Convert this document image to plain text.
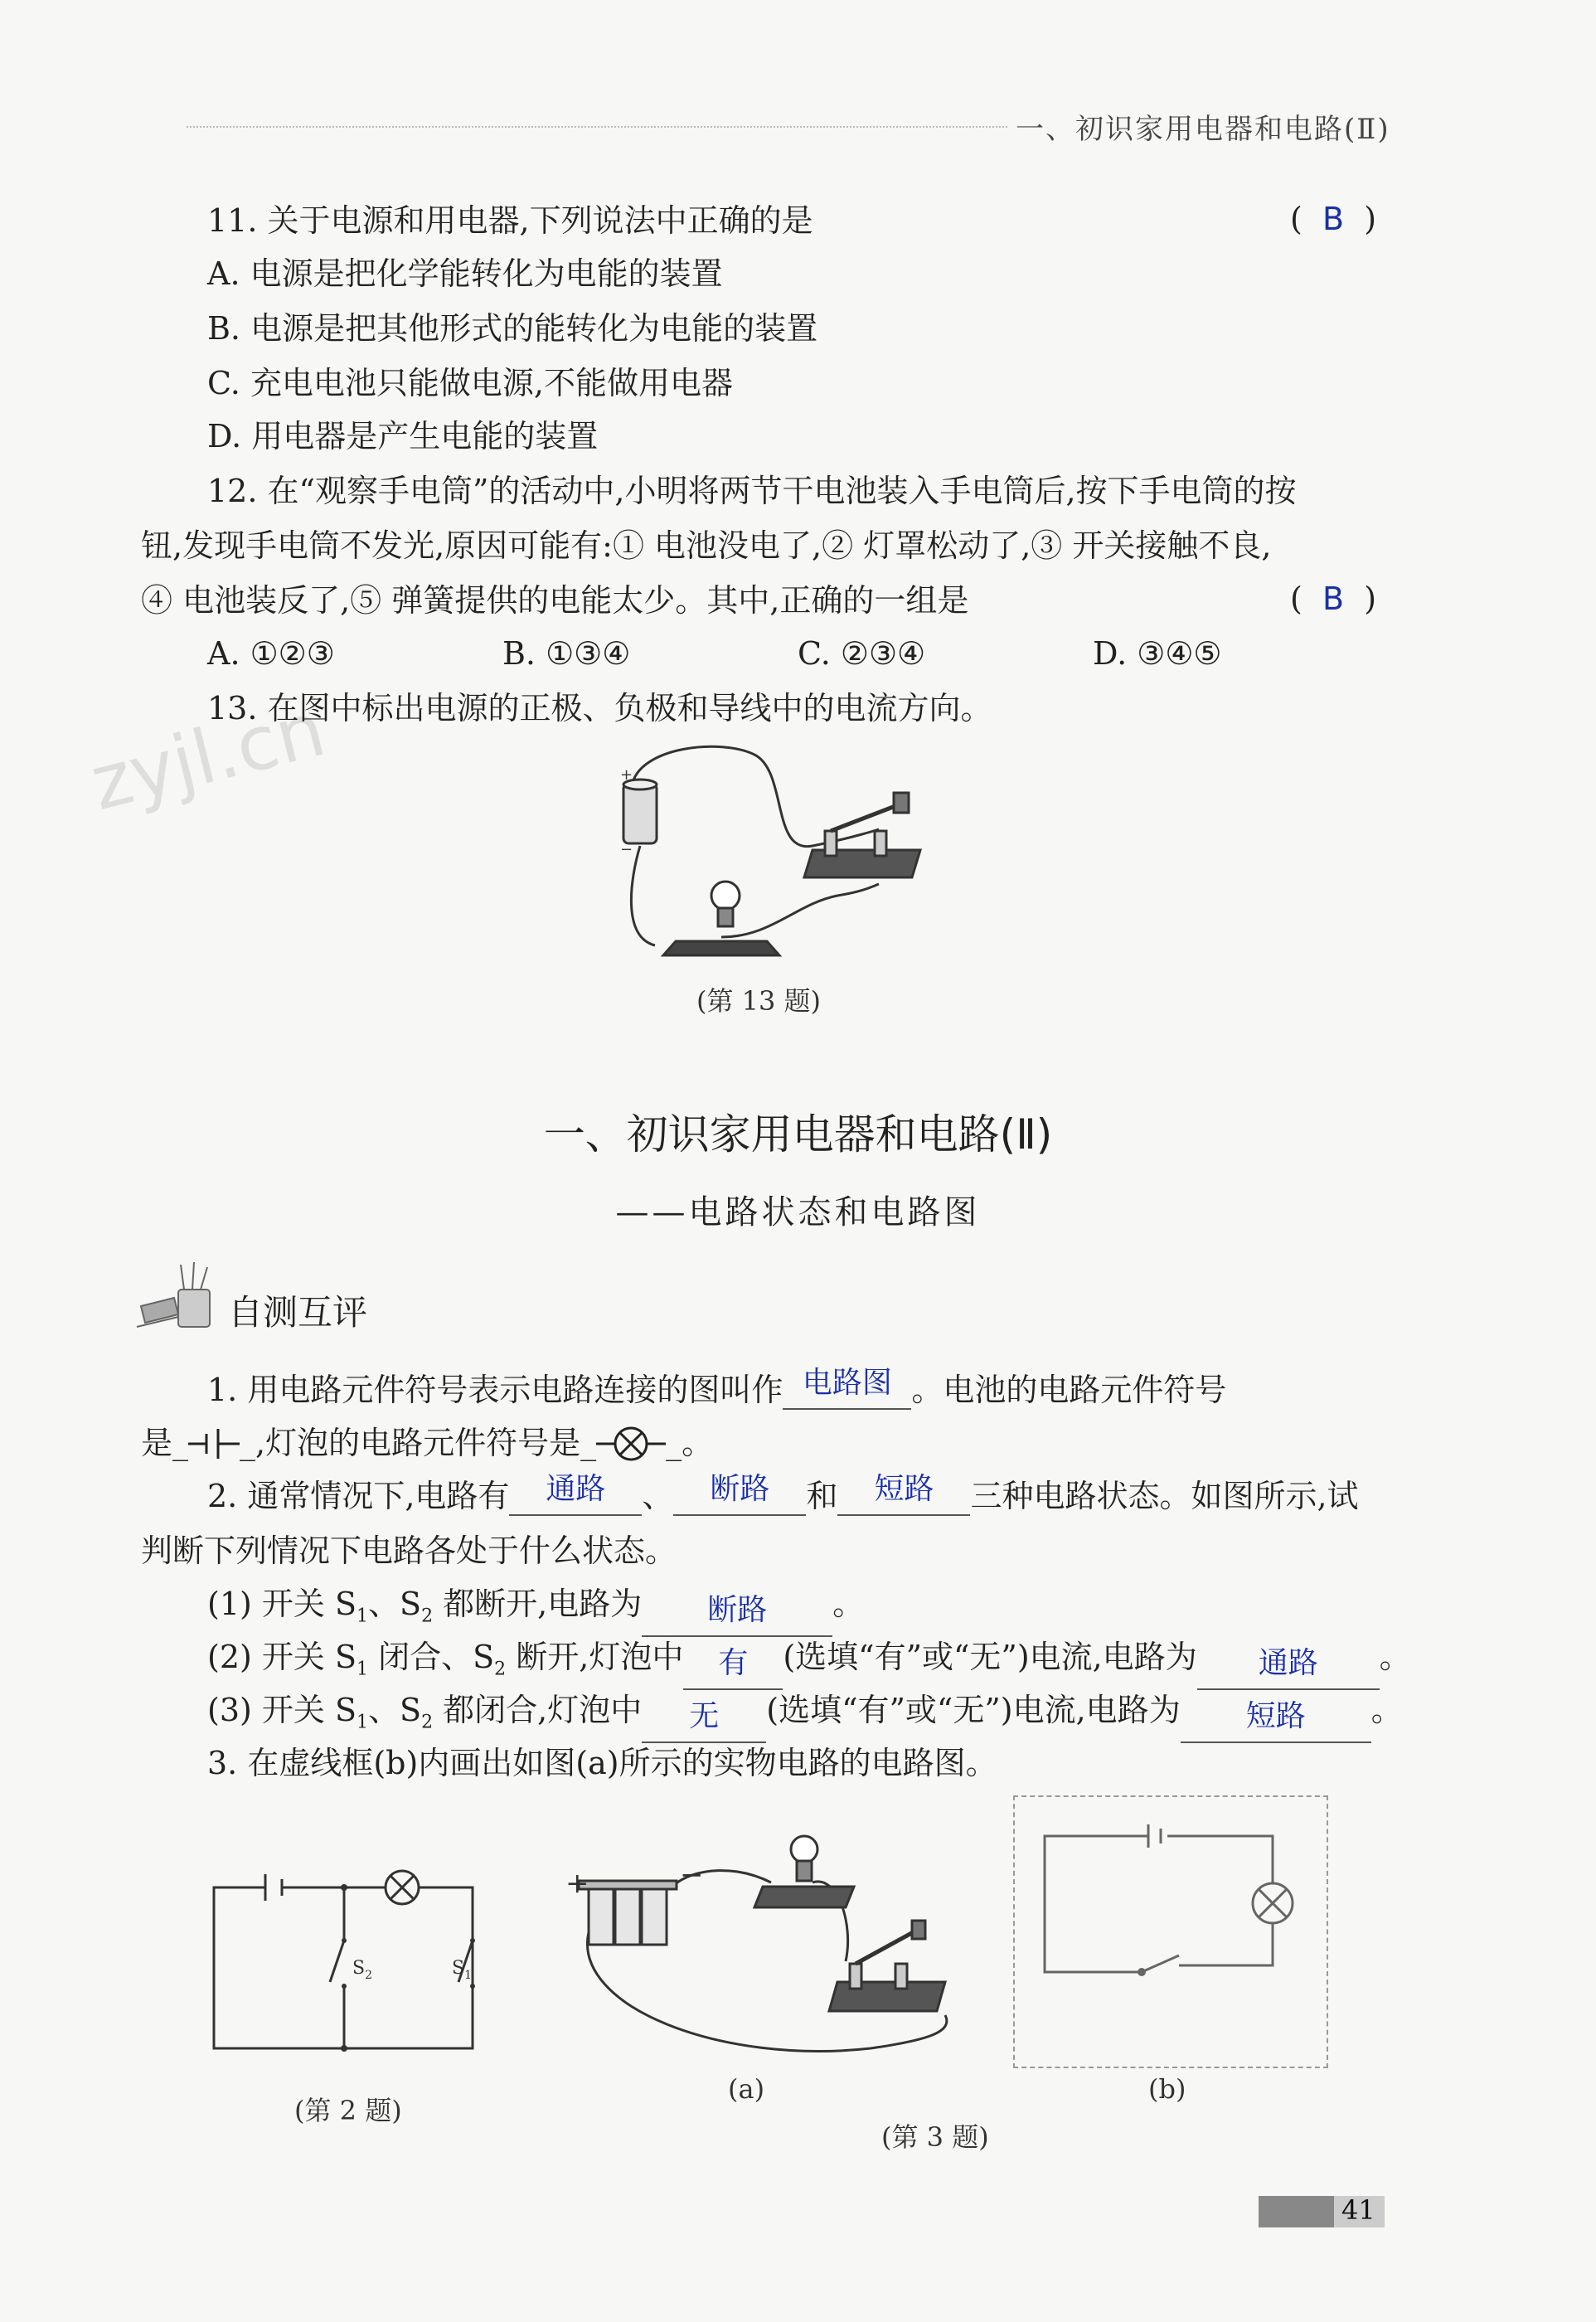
一、初识家用电器和电路(Ⅱ)
zyjl.cn
11. 关于电源和用电器,下列说法中正确的是	(  B  )
A. 电源是把化学能转化为电能的装置
B. 电源是把其他形式的能转化为电能的装置
C. 充电电池只能做电源,不能做用电器
D. 用电器是产生电能的装置
12. 在“观察手电筒”的活动中,小明将两节干电池装入手电筒后,按下手电筒的按
钮,发现手电筒不发光,原因可能有:① 电池没电了,② 灯罩松动了,③ 开关接触不良,
④ 电池装反了,⑤ 弹簧提供的电能太少。其中,正确的一组是	(  B  )
A. ①②③	B. ①③④	C. ②③④	D. ③④⑤
13. 在图中标出电源的正极、负极和导线中的电流方向。
+
−
(第 13 题)
一、初识家用电器和电路(Ⅱ)
——电路状态和电路图
自测互评
1. 用电路元件符号表示电路连接的图叫作 电路图 。电池的电路元件符号
是_ _,灯泡的电路元件符号是_ _。
2. 通常情况下,电路有	通路	、	断路	和	短路	三种电路状态。如图所示,试
判断下列情况下电路各处于什么状态。
(1) 开关 $S_1$、$S_2$ 都断开,电路为	断路	。
(2) 开关 $S_1$ 闭合、$S_2$ 断开,灯泡中	有	(选填“有”或“无”)电流,电路为	通路	。
(3) 开关 $S_1$、$S_2$ 都闭合,灯泡中	无	(选填“有”或“无”)电流,电路为	短路	。
3. 在虚线框(b)内画出如图(a)所示的实物电路的电路图。
$S_2$	$S_1$
(第 2 题)
+	−
(a)	(b)
(第 3 题)
41
